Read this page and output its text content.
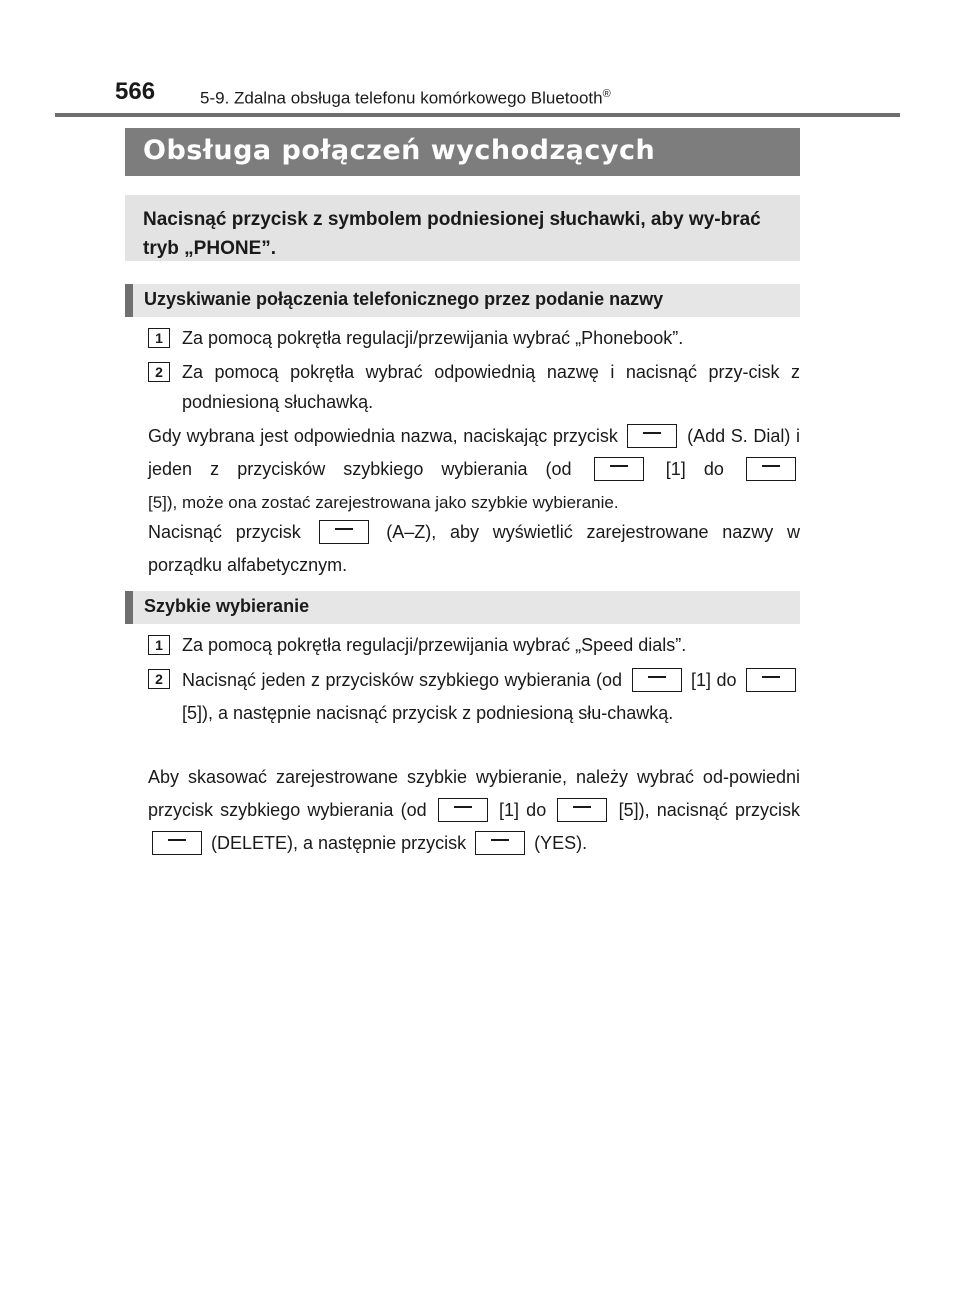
566	5-9. Zdalna obsługa telefonu komórkowego Bluetooth®
Obsługa połączeń wychodzących
Nacisnąć przycisk z symbolem podniesionej słuchawki, aby wy-brać tryb „PHONE”.
Uzyskiwanie połączenia telefonicznego przez podanie nazwy
1	Za pomocą pokrętła regulacji/przewijania wybrać „Phonebook”.
2	Za pomocą pokrętła wybrać odpowiednią nazwę i nacisnąć przy-cisk z podniesioną słuchawką.
Gdy wybrana jest odpowiednia nazwa, naciskając przycisk	(Add S. Dial) i jeden z przycisków szybkiego wybierania (od	[1] do  [5]), może ona zostać zarejestrowana jako szybkie wybieranie.
Nacisnąć przycisk	(A–Z), aby wyświetlić zarejestrowane nazwy w porządku alfabetycznym.
Szybkie wybieranie
1	Za pomocą pokrętła regulacji/przewijania wybrać „Speed dials”.
2	Nacisnąć jeden z przycisków szybkiego wybierania (od	[1] do  [5]), a następnie nacisnąć przycisk z podniesioną słu-chawką.
Aby skasować zarejestrowane szybkie wybieranie, należy wybrać od-powiedni przycisk szybkiego wybierania (od	[1] do	[5]), nacisnąć przycisk  (DELETE), a następnie przycisk	(YES).
